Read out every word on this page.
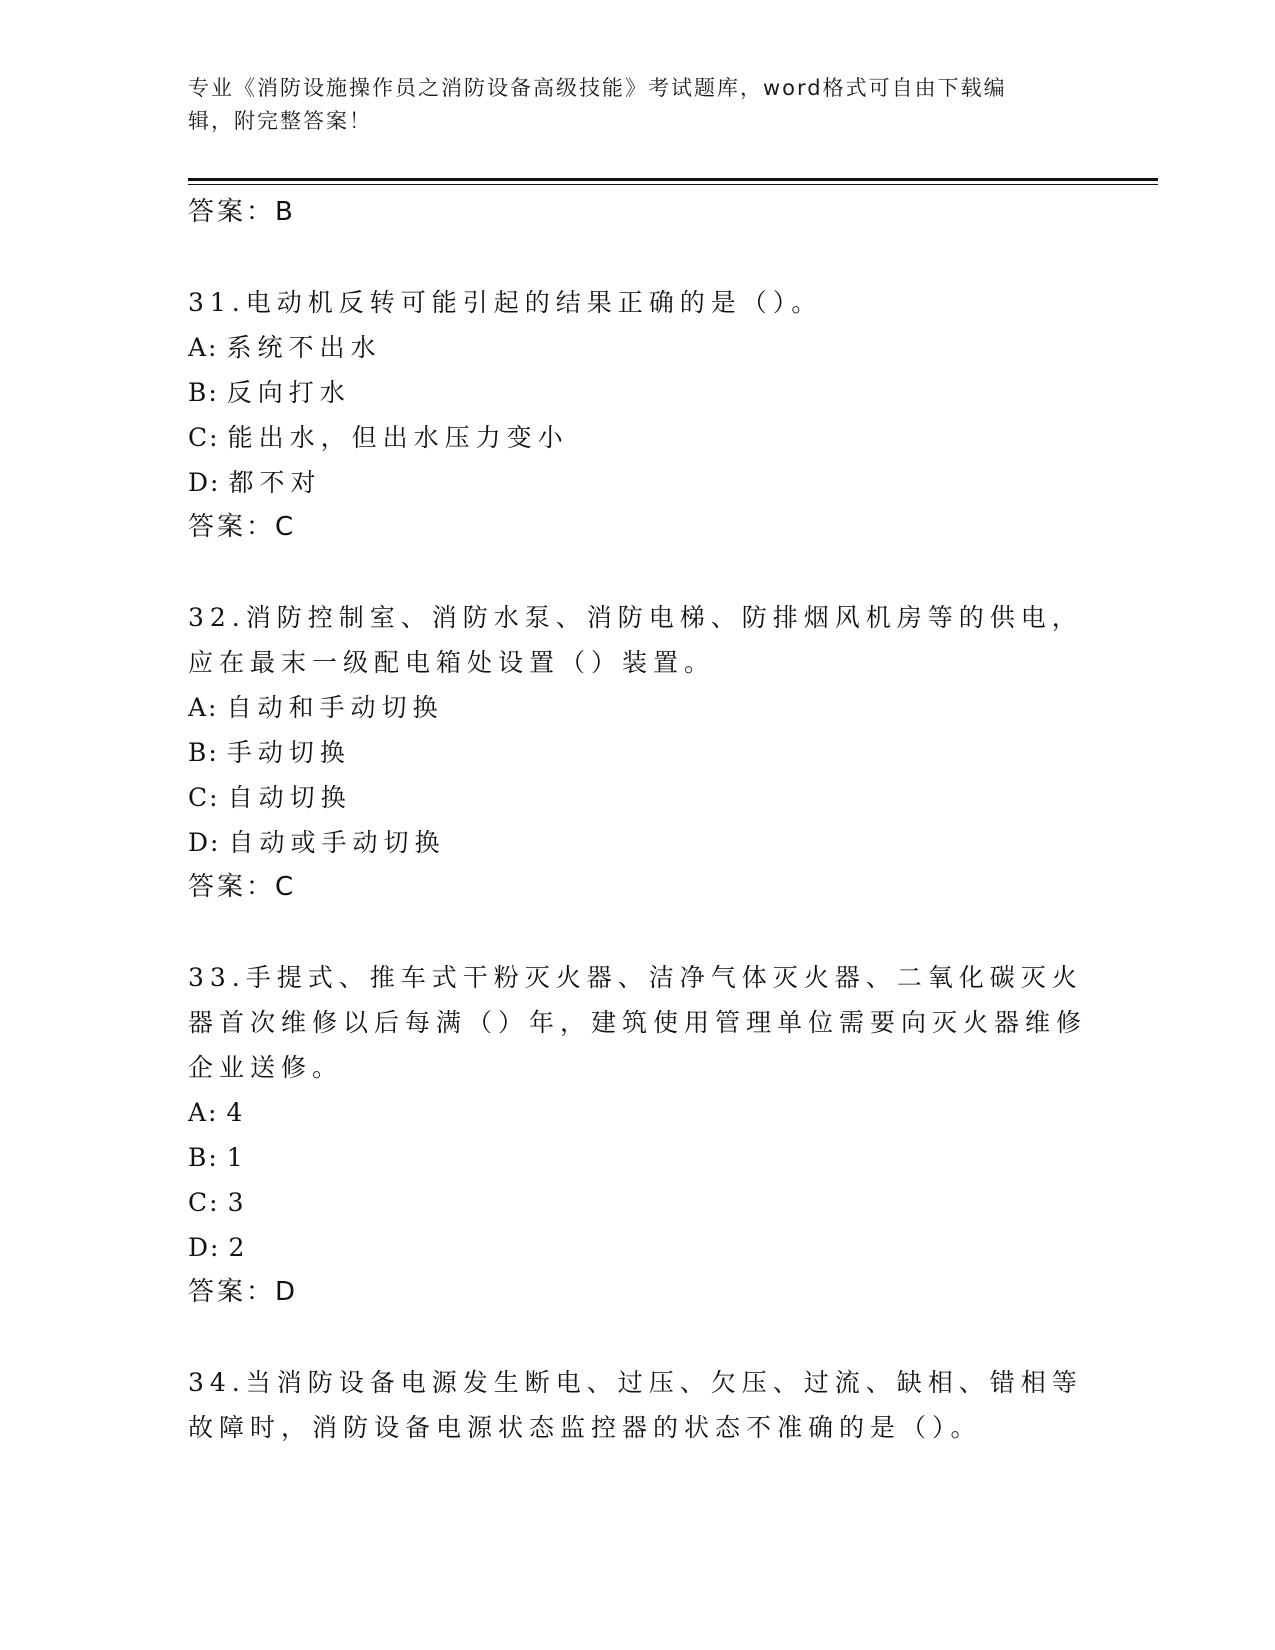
专业《消防设施操作员之消防设备高级技能》考试题库，word格式可自由下载编
辑，附完整答案！
答案：B

31.电动机反转可能引起的结果正确的是（）。

A: 系统不出水
B: 反向打水
C: 能出水，但出水压力变小
D: 都不对
答案：C

32.消防控制室、消防水泵、消防电梯、防排烟风机房等的供电，应在最末一级配电箱处设置（）装置。

A: 自动和手动切换
B: 手动切换
C: 自动切换
D: 自动或手动切换
答案：C

33.手提式、推车式干粉灭火器、洁净气体灭火器、二氧化碳灭火器首次维修以后每满（）年，建筑使用管理单位需要向灭火器维修企业送修。

A: 4
B: 1
C: 3
D: 2
答案：D

34.当消防设备电源发生断电、过压、欠压、过流、缺相、错相等故障时，消防设备电源状态监控器的状态不准确的是（）。
